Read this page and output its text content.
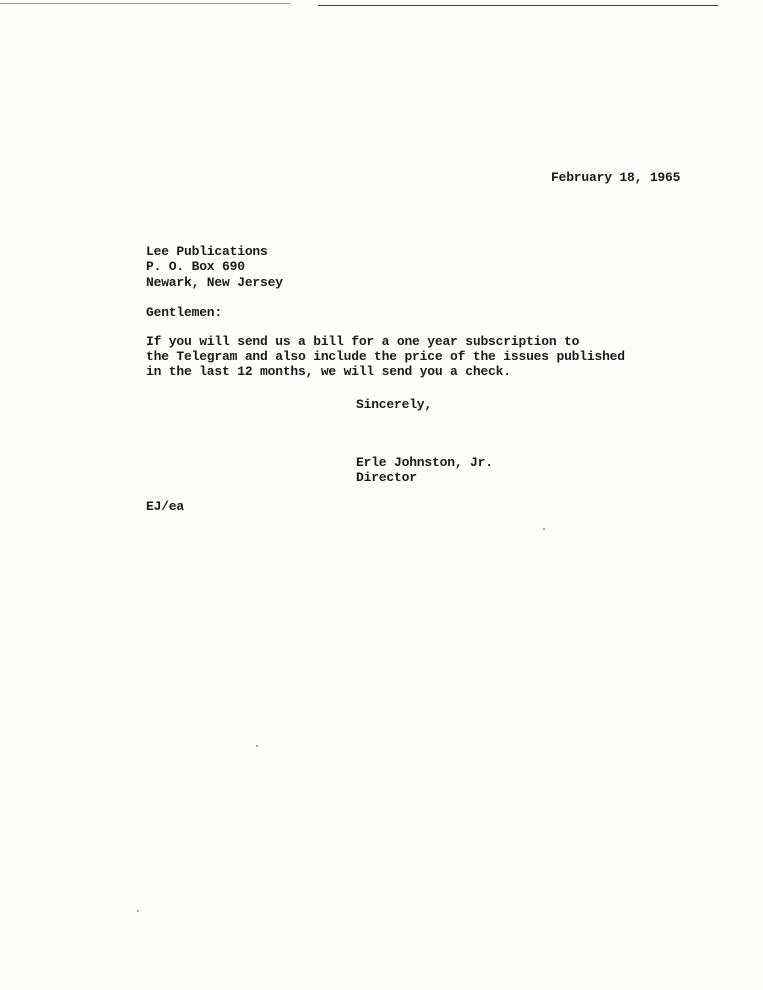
February 18, 1965
Lee Publications
P. O. Box 690
Newark, New Jersey
Gentlemen:
If you will send us a bill for a one year subscription to
the Telegram and also include the price of the issues published
in the last 12 months, we will send you a check.
Sincerely,
Erle Johnston, Jr.
Director
EJ/ea
